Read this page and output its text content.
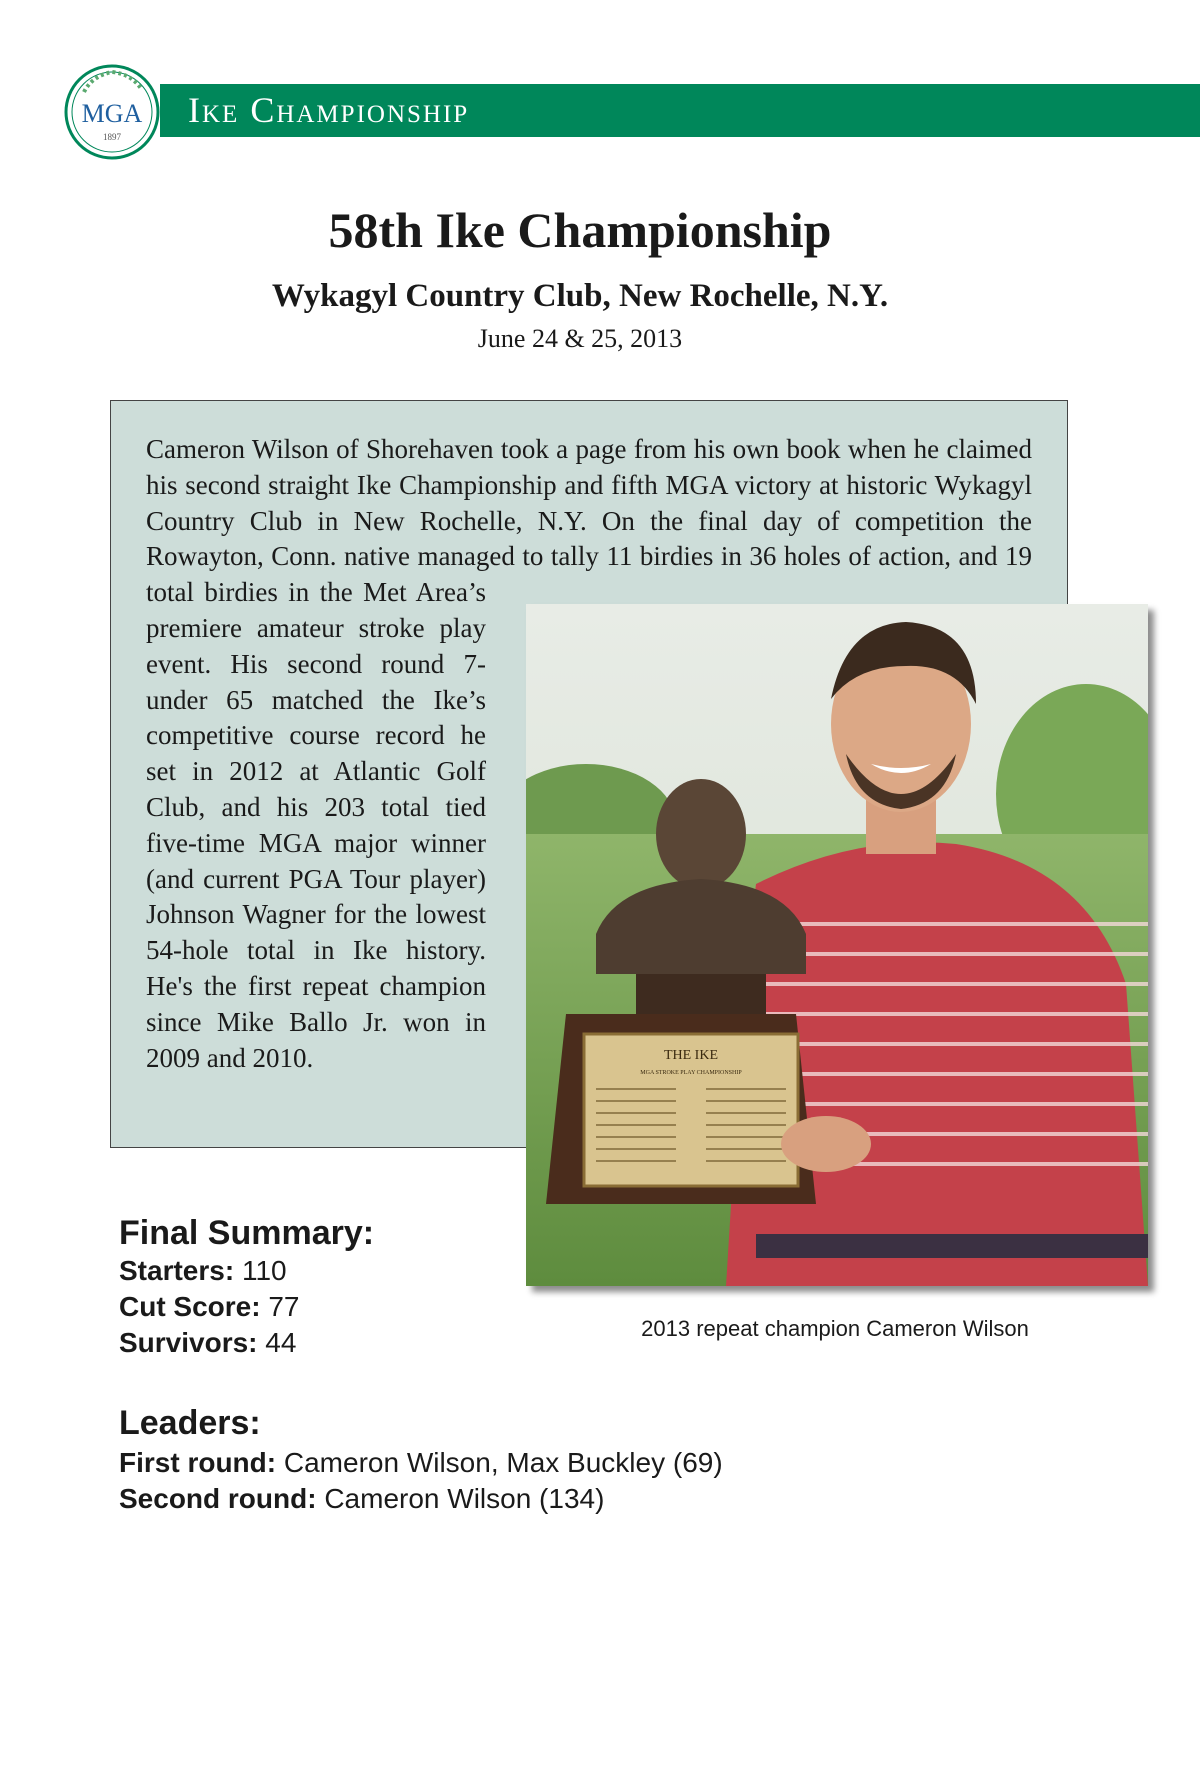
Ike Championship
MGA
1897
58th Ike Championship
Wykagyl Country Club, New Rochelle, N.Y.
June 24 & 25, 2013
Cameron Wilson of Shorehaven took a page from his own book when he claimed his second straight Ike Championship and fifth MGA victory at historic Wykagyl Country Club in New Rochelle, N.Y. On the final day of competition the Rowayton, Conn. native managed to tally 11 birdies in 36 holes of action, and 19 total birdies in the Met Area’s premiere amateur stroke play event. His second round 7-under 65 matched the Ike’s competitive course record he set in 2012 at Atlantic Golf Club, and his 203 total tied five-time MGA major winner (and current PGA Tour player) Johnson Wagner for the lowest 54-hole total in Ike history. He's the first repeat champion since Mike Ballo Jr. won in 2009 and 2010.	THE IKE
MGA STROKE PLAY CHAMPIONSHIP
2013 repeat champion Cameron Wilson
Final Summary:
Starters: 110
Cut Score: 77
Survivors: 44
Leaders:
First round: Cameron Wilson, Max Buckley (69)
Second round: Cameron Wilson (134)
